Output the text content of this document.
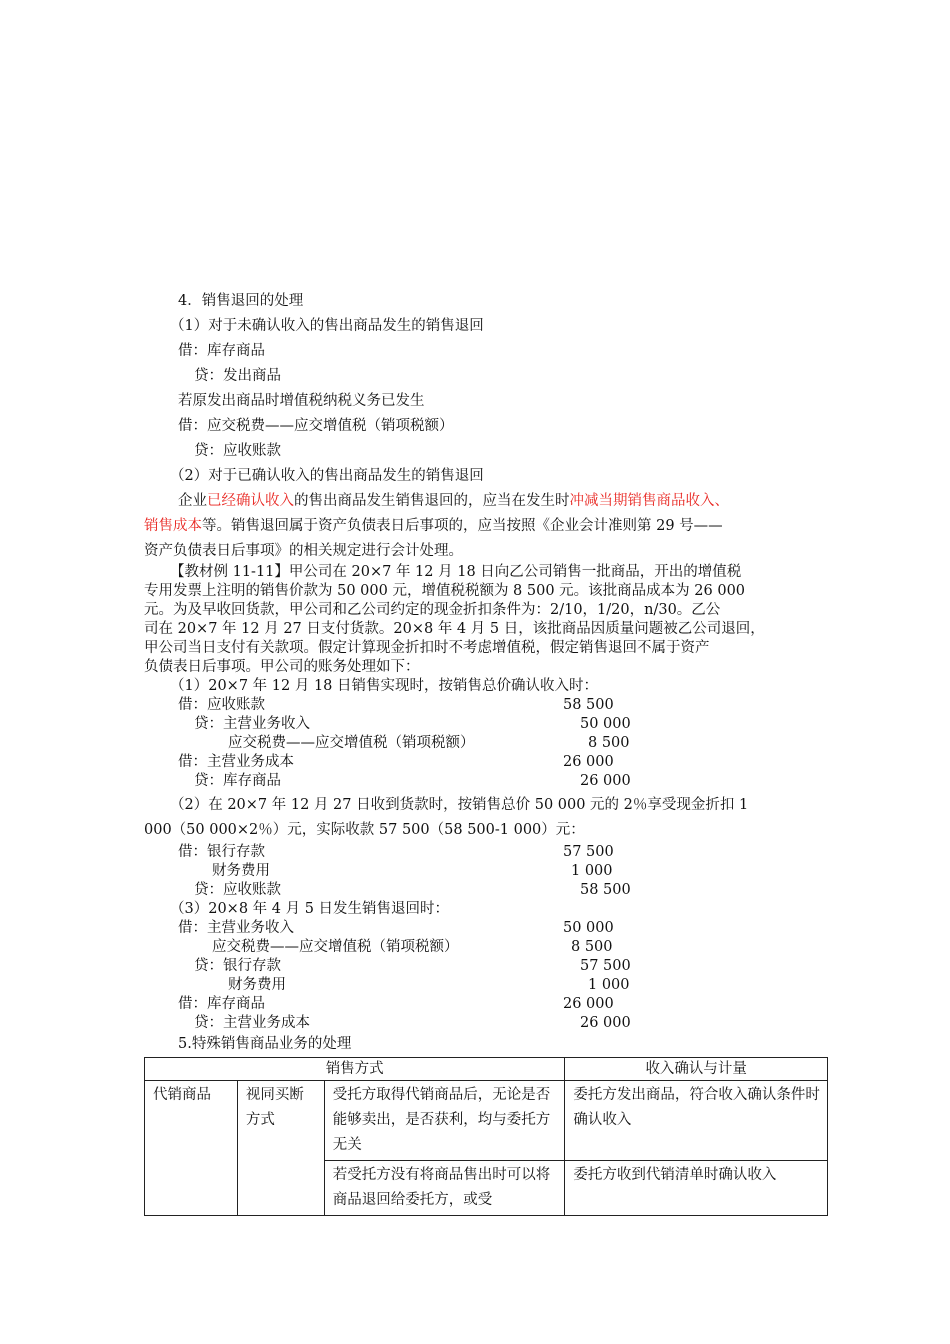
4．销售退回的处理
（1）对于未确认收入的售出商品发生的销售退回
借：库存商品
贷：发出商品
若原发出商品时增值税纳税义务已发生
借：应交税费——应交增值税（销项税额）
贷：应收账款
（2）对于已确认收入的售出商品发生的销售退回
企业已经确认收入的售出商品发生销售退回的，应当在发生时冲减当期销售商品收入、
销售成本等。销售退回属于资产负债表日后事项的，应当按照《企业会计准则第 29 号——
资产负债表日后事项》的相关规定进行会计处理。
【教材例 11-11】甲公司在 20×7 年 12 月 18 日向乙公司销售一批商品，开出的增值税
专用发票上注明的销售价款为 50 000 元，增值税税额为 8 500 元。该批商品成本为 26 000
元。为及早收回货款，甲公司和乙公司约定的现金折扣条件为：2/10，1/20，n/30。乙公
司在 20×7 年 12 月 27 日支付货款。20×8 年 4 月 5 日，该批商品因质量问题被乙公司退回，
甲公司当日支付有关款项。假定计算现金折扣时不考虑增值税，假定销售退回不属于资产
负债表日后事项。甲公司的账务处理如下：
（1）20×7 年 12 月 18 日销售实现时，按销售总价确认收入时：
借：应收账款	58 500
贷：主营业务收入	50 000
应交税费——应交增值税（销项税额）	8 500
借：主营业务成本	26 000
贷：库存商品	26 000
（2）在 20×7 年 12 月 27 日收到货款时，按销售总价 50 000 元的 2％享受现金折扣 1
000（50 000×2％）元，实际收款 57 500（58 500-1 000）元：
借：银行存款	57 500
财务费用	1 000
贷：应收账款	58 500
（3）20×8 年 4 月 5 日发生销售退回时：
借：主营业务收入	50 000
应交税费——应交增值税（销项税额）	8 500
贷：银行存款	57 500
财务费用	1 000
借：库存商品	26 000
贷：主营业务成本	26 000
5.特殊销售商品业务的处理
销售方式			收入确认与计量
代销商品	视同买断方式	受托方取得代销商品后，无论是否能够卖出，是否获利，均与委托方无关	委托方发出商品，符合收入确认条件时确认收入
		若受托方没有将商品售出时可以将商品退回给委托方，或受	委托方收到代销清单时确认收入
